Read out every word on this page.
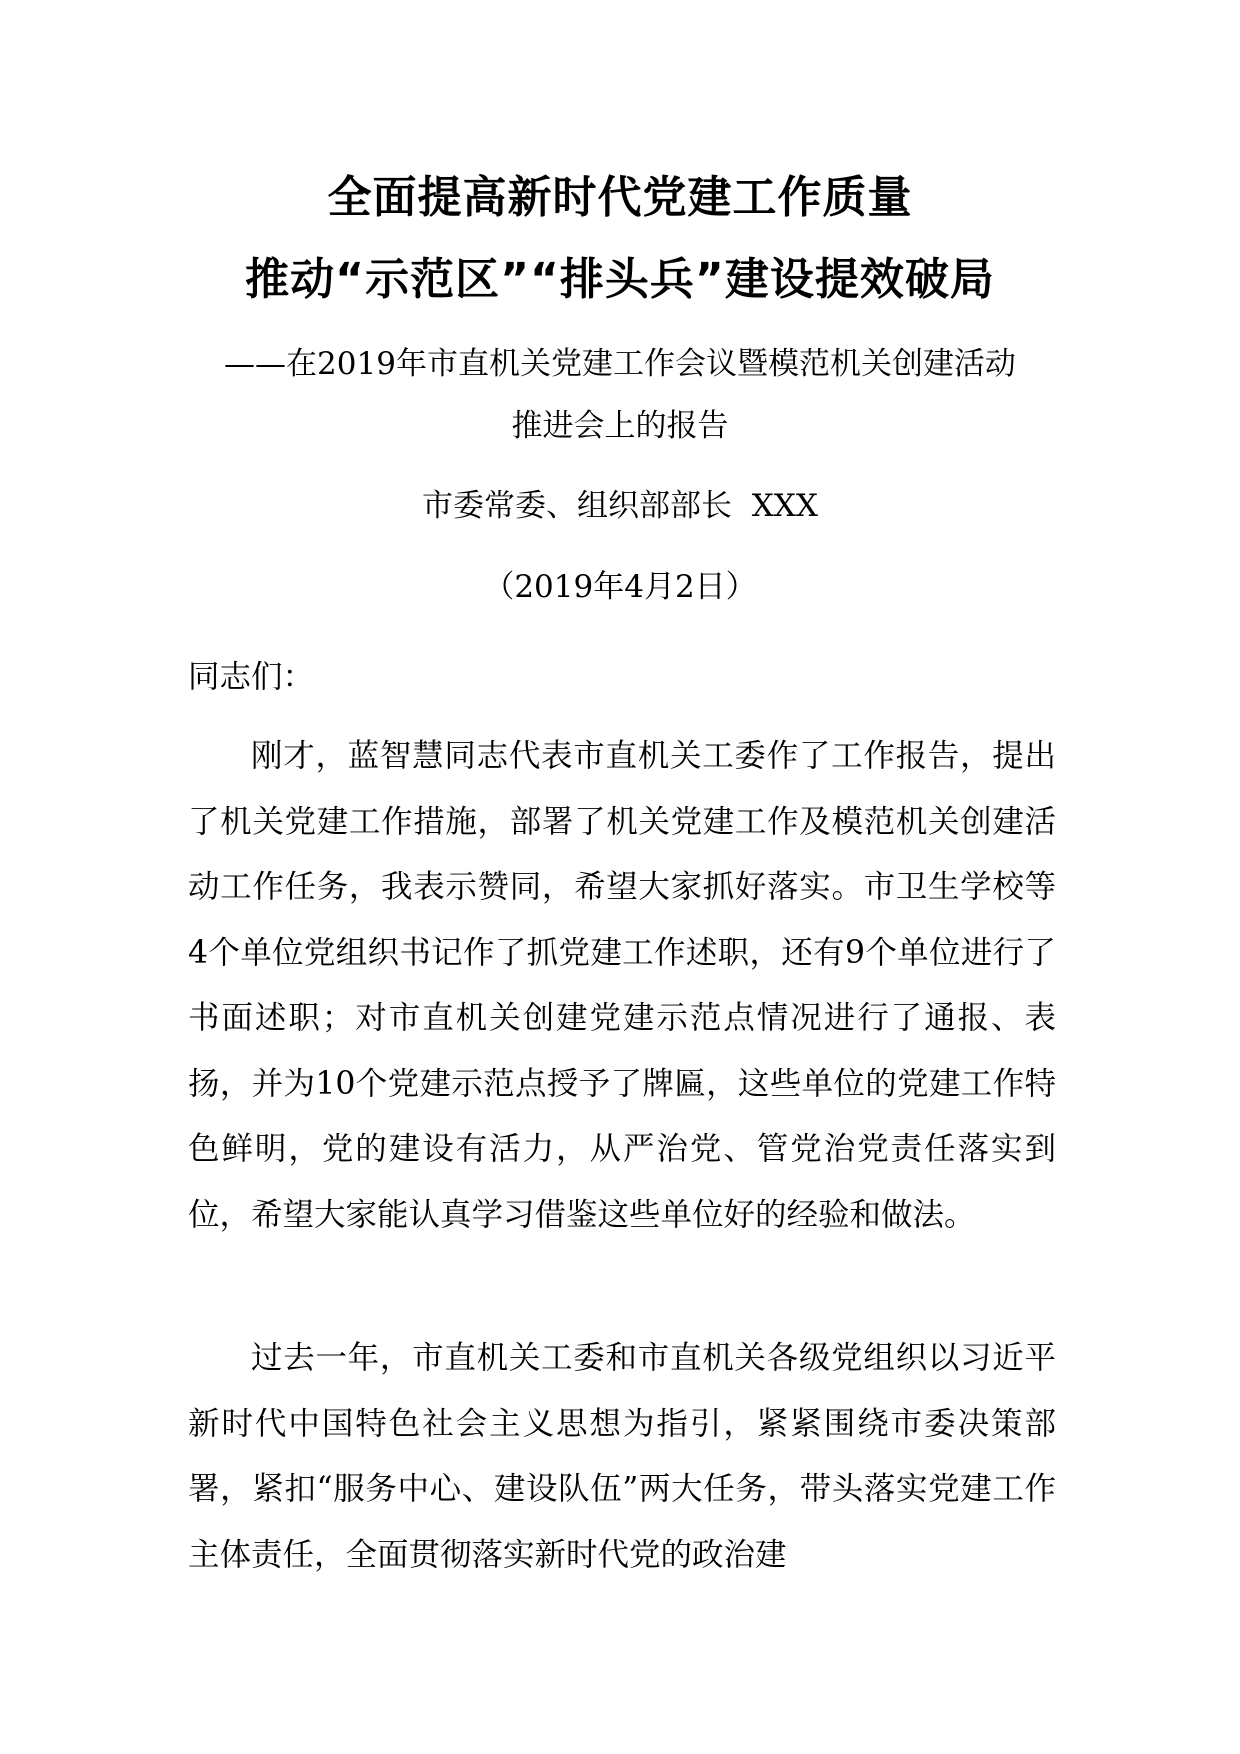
全面提高新时代党建工作质量
推动“示范区”“排头兵”建设提效破局
——在2019年市直机关党建工作会议暨模范机关创建活动
推进会上的报告
市委常委、组织部部长  XXX
（2019年4月2日）
同志们：
刚才，蓝智慧同志代表市直机关工委作了工作报告，提出了机关党建工作措施，部署了机关党建工作及模范机关创建活动工作任务，我表示赞同，希望大家抓好落实。市卫生学校等4个单位党组织书记作了抓党建工作述职，还有9个单位进行了书面述职；对市直机关创建党建示范点情况进行了通报、表扬，并为10个党建示范点授予了牌匾，这些单位的党建工作特色鲜明，党的建设有活力，从严治党、管党治党责任落实到位，希望大家能认真学习借鉴这些单位好的经验和做法。
过去一年，市直机关工委和市直机关各级党组织以习近平新时代中国特色社会主义思想为指引，紧紧围绕市委决策部署，紧扣“服务中心、建设队伍”两大任务，带头落实党建工作主体责任，全面贯彻落实新时代党的政治建
